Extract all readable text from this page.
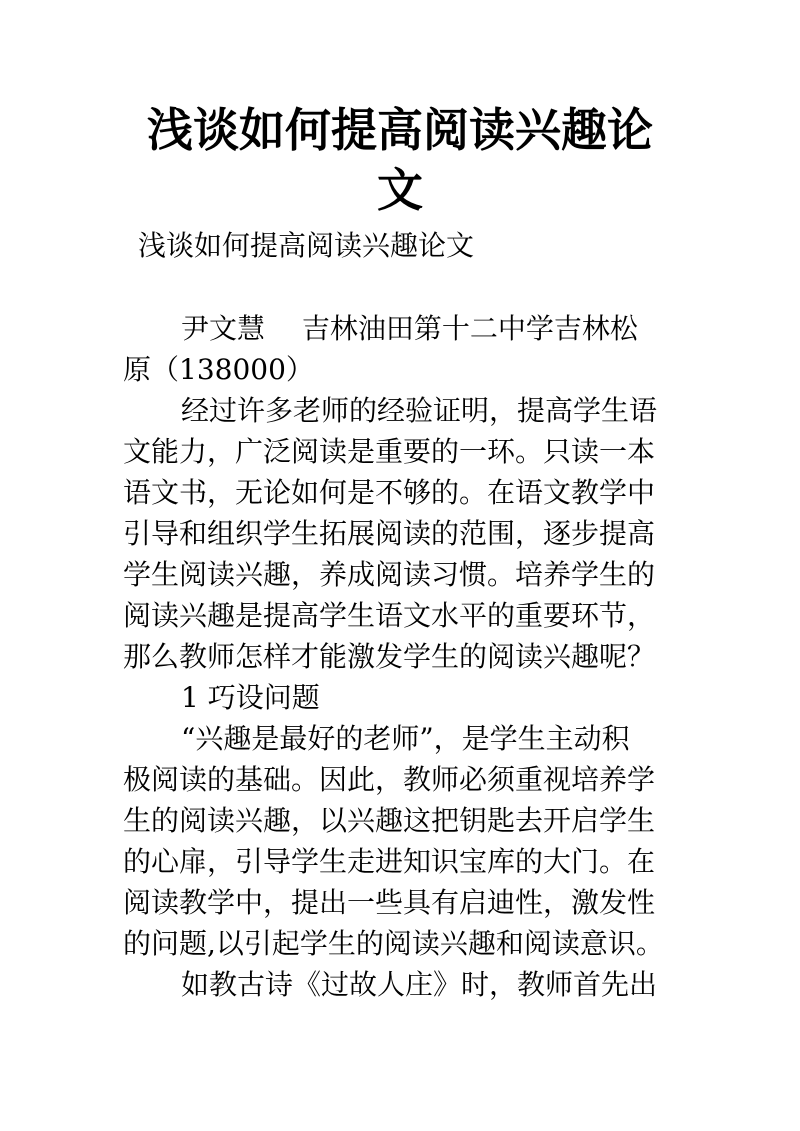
浅谈如何提高阅读兴趣论
文
浅谈如何提高阅读兴趣论文
尹文慧　 吉林油田第十二中学吉林松
原（138000）
经过许多老师的经验证明，提高学生语
文能力，广泛阅读是重要的一环。只读一本
语文书，无论如何是不够的。在语文教学中
引导和组织学生拓展阅读的范围，逐步提高
学生阅读兴趣，养成阅读习惯。培养学生的
阅读兴趣是提高学生语文水平的重要环节，
那么教师怎样才能激发学生的阅读兴趣呢？
1 巧设问题
“兴趣是最好的老师”，是学生主动积
极阅读的基础。因此，教师必须重视培养学
生的阅读兴趣，以兴趣这把钥匙去开启学生
的心扉，引导学生走进知识宝库的大门。在
阅读教学中，提出一些具有启迪性，激发性
的问题,以引起学生的阅读兴趣和阅读意识。
如教古诗《过故人庄》时，教师首先出
